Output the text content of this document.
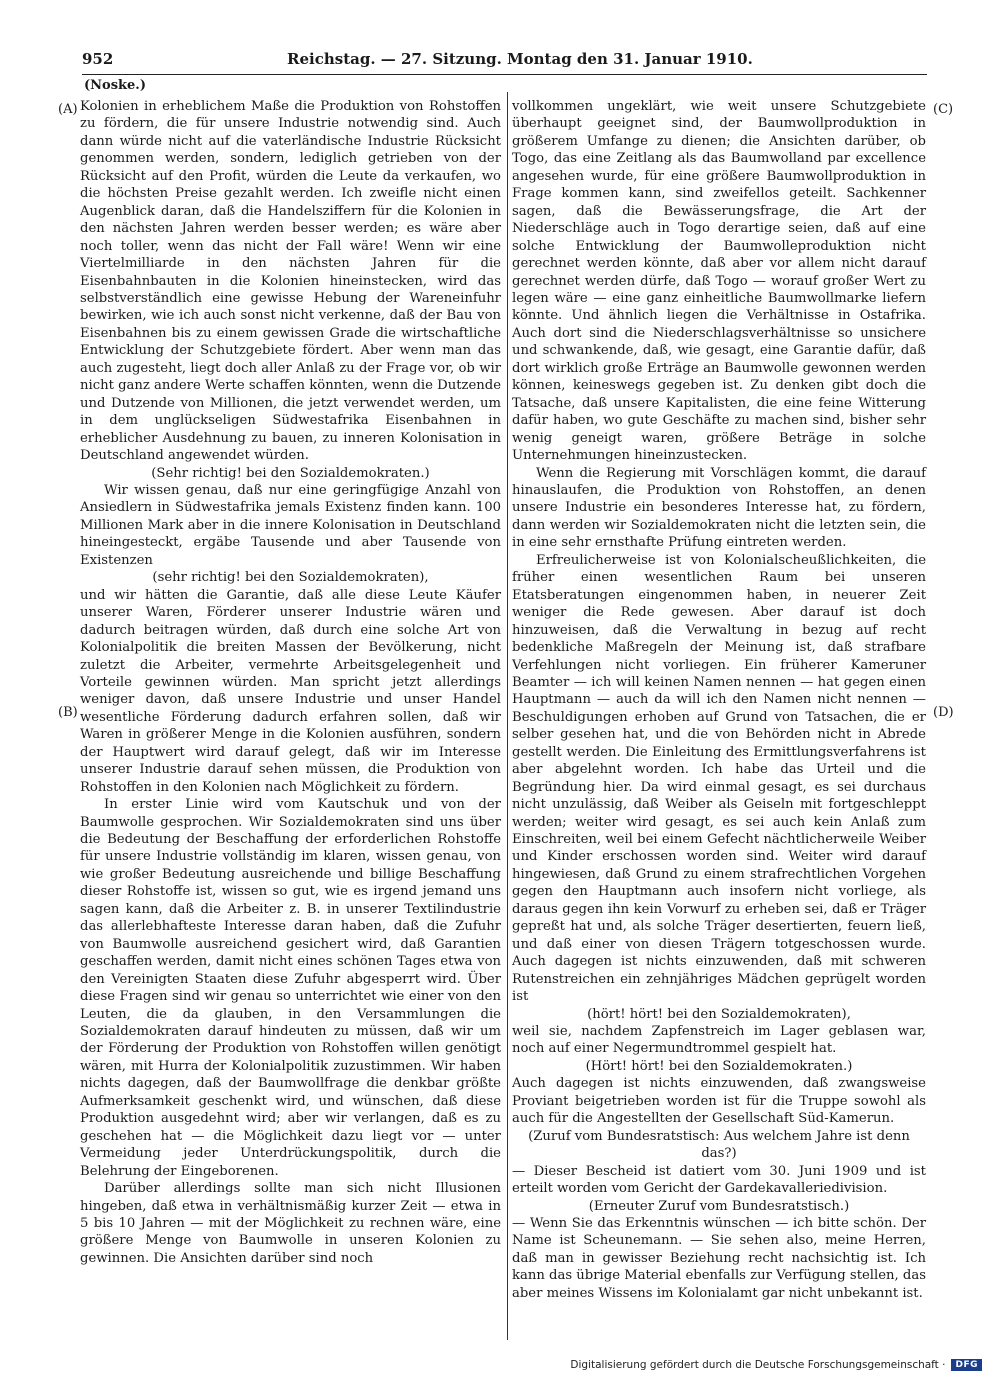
952	Reichstag. — 27. Sitzung. Montag den 31. Januar 1910.
(Noske.)
(A)
(B)
(C)
(D)

Kolonien in erheblichem Maße die Produktion von Rohstoffen zu fördern, die für unsere Industrie notwendig sind. Auch dann würde nicht auf die vaterländische Industrie Rücksicht genommen werden, sondern, lediglich getrieben von der Rücksicht auf den Profit, würden die Leute da verkaufen, wo die höchsten Preise gezahlt werden. Ich zweifle nicht einen Augenblick daran, daß die Handelsziffern für die Kolonien in den nächsten Jahren werden besser werden; es wäre aber noch toller, wenn das nicht der Fall wäre! Wenn wir eine Viertelmilliarde in den nächsten Jahren für die Eisenbahnbauten in die Kolonien hineinstecken, wird das selbstverständlich eine gewisse Hebung der Wareneinfuhr bewirken, wie ich auch sonst nicht verkenne, daß der Bau von Eisenbahnen bis zu einem gewissen Grade die wirtschaftliche Entwicklung der Schutzgebiete fördert. Aber wenn man das auch zugesteht, liegt doch aller Anlaß zu der Frage vor, ob wir nicht ganz andere Werte schaffen könnten, wenn die Dutzende und Dutzende von Millionen, die jetzt verwendet werden, um in dem unglückseligen Südwestafrika Eisenbahnen in erheblicher Ausdehnung zu bauen, zu inneren Kolonisation in Deutschland angewendet würden.

(Sehr richtig! bei den Sozialdemokraten.)

Wir wissen genau, daß nur eine geringfügige Anzahl von Ansiedlern in Südwestafrika jemals Existenz finden kann. 100 Millionen Mark aber in die innere Kolonisation in Deutschland hineingesteckt, ergäbe Tausende und aber Tausende von Existenzen

(sehr richtig! bei den Sozialdemokraten),

und wir hätten die Garantie, daß alle diese Leute Käufer unserer Waren, Förderer unserer Industrie wären und dadurch beitragen würden, daß durch eine solche Art von Kolonialpolitik die breiten Massen der Bevölkerung, nicht zuletzt die Arbeiter, vermehrte Arbeitsgelegenheit und Vorteile gewinnen würden. Man spricht jetzt allerdings weniger davon, daß unsere Industrie und unser Handel wesentliche Förderung dadurch erfahren sollen, daß wir Waren in größerer Menge in die Kolonien ausführen, sondern der Hauptwert wird darauf gelegt, daß wir im Interesse unserer Industrie darauf sehen müssen, die Produktion von Rohstoffen in den Kolonien nach Möglichkeit zu fördern.

In erster Linie wird vom Kautschuk und von der Baumwolle gesprochen. Wir Sozialdemokraten sind uns über die Bedeutung der Beschaffung der erforderlichen Rohstoffe für unsere Industrie vollständig im klaren, wissen genau, von wie großer Bedeutung ausreichende und billige Beschaffung dieser Rohstoffe ist, wissen so gut, wie es irgend jemand uns sagen kann, daß die Arbeiter z. B. in unserer Textilindustrie das allerlebhafteste Interesse daran haben, daß die Zufuhr von Baumwolle ausreichend gesichert wird, daß Garantien geschaffen werden, damit nicht eines schönen Tages etwa von den Vereinigten Staaten diese Zufuhr abgesperrt wird. Über diese Fragen sind wir genau so unterrichtet wie einer von den Leuten, die da glauben, in den Versammlungen die Sozialdemokraten darauf hindeuten zu müssen, daß wir um der Förderung der Produktion von Rohstoffen willen genötigt wären, mit Hurra der Kolonialpolitik zuzustimmen. Wir haben nichts dagegen, daß der Baumwollfrage die denkbar größte Aufmerksamkeit geschenkt wird, und wünschen, daß diese Produktion ausgedehnt wird; aber wir verlangen, daß es zu geschehen hat — die Möglichkeit dazu liegt vor — unter Vermeidung jeder Unterdrückungspolitik, durch die Belehrung der Eingeborenen.

Darüber allerdings sollte man sich nicht Illusionen hingeben, daß etwa in verhältnismäßig kurzer Zeit — etwa in 5 bis 10 Jahren — mit der Möglichkeit zu rechnen wäre, eine größere Menge von Baumwolle in unseren Kolonien zu gewinnen. Die Ansichten darüber sind noch

vollkommen ungeklärt, wie weit unsere Schutzgebiete überhaupt geeignet sind, der Baumwollproduktion in größerem Umfange zu dienen; die Ansichten darüber, ob Togo, das eine Zeitlang als das Baumwolland par excellence angesehen wurde, für eine größere Baumwollproduktion in Frage kommen kann, sind zweifellos geteilt. Sachkenner sagen, daß die Bewässerungsfrage, die Art der Niederschläge auch in Togo derartige seien, daß auf eine solche Entwicklung der Baumwolleproduktion nicht gerechnet werden könnte, daß aber vor allem nicht darauf gerechnet werden dürfe, daß Togo — worauf großer Wert zu legen wäre — eine ganz einheitliche Baumwollmarke liefern könnte. Und ähnlich liegen die Verhältnisse in Ostafrika. Auch dort sind die Niederschlagsverhältnisse so unsichere und schwankende, daß, wie gesagt, eine Garantie dafür, daß dort wirklich große Erträge an Baumwolle gewonnen werden können, keineswegs gegeben ist. Zu denken gibt doch die Tatsache, daß unsere Kapitalisten, die eine feine Witterung dafür haben, wo gute Geschäfte zu machen sind, bisher sehr wenig geneigt waren, größere Beträge in solche Unternehmungen hineinzustecken.

Wenn die Regierung mit Vorschlägen kommt, die darauf hinauslaufen, die Produktion von Rohstoffen, an denen unsere Industrie ein besonderes Interesse hat, zu fördern, dann werden wir Sozialdemokraten nicht die letzten sein, die in eine sehr ernsthafte Prüfung eintreten werden.

Erfreulicherweise ist von Kolonialscheußlichkeiten, die früher einen wesentlichen Raum bei unseren Etatsberatungen eingenommen haben, in neuerer Zeit weniger die Rede gewesen. Aber darauf ist doch hinzuweisen, daß die Verwaltung in bezug auf recht bedenkliche Maßregeln der Meinung ist, daß strafbare Verfehlungen nicht vorliegen. Ein früherer Kameruner Beamter — ich will keinen Namen nennen — hat gegen einen Hauptmann — auch da will ich den Namen nicht nennen — Beschuldigungen erhoben auf Grund von Tatsachen, die er selber gesehen hat, und die von Behörden nicht in Abrede gestellt werden. Die Einleitung des Ermittlungsverfahrens ist aber abgelehnt worden. Ich habe das Urteil und die Begründung hier. Da wird einmal gesagt, es sei durchaus nicht unzulässig, daß Weiber als Geiseln mit fortgeschleppt werden; weiter wird gesagt, es sei auch kein Anlaß zum Einschreiten, weil bei einem Gefecht nächtlicherweile Weiber und Kinder erschossen worden sind. Weiter wird darauf hingewiesen, daß Grund zu einem strafrechtlichen Vorgehen gegen den Hauptmann auch insofern nicht vorliege, als daraus gegen ihn kein Vorwurf zu erheben sei, daß er Träger gepreßt hat und, als solche Träger desertierten, feuern ließ, und daß einer von diesen Trägern totgeschossen wurde. Auch dagegen ist nichts einzuwenden, daß mit schweren Rutenstreichen ein zehnjähriges Mädchen geprügelt worden ist

(hört! hört! bei den Sozialdemokraten),

weil sie, nachdem Zapfenstreich im Lager geblasen war, noch auf einer Negermundtrommel gespielt hat.

(Hört! hört! bei den Sozialdemokraten.)

Auch dagegen ist nichts einzuwenden, daß zwangsweise Proviant beigetrieben worden ist für die Truppe sowohl als auch für die Angestellten der Gesellschaft Süd-Kamerun.

(Zuruf vom Bundesratstisch: Aus welchem Jahre ist denn das?)

— Dieser Bescheid ist datiert vom 30. Juni 1909 und ist erteilt worden vom Gericht der Gardekavalleriedivision.

(Erneuter Zuruf vom Bundesratstisch.)

— Wenn Sie das Erkenntnis wünschen — ich bitte schön. Der Name ist Scheunemann. — Sie sehen also, meine Herren, daß man in gewisser Beziehung recht nachsichtig ist. Ich kann das übrige Material ebenfalls zur Verfügung stellen, das aber meines Wissens im Kolonialamt gar nicht unbekannt ist.

Digitalisierung gefördert durch die Deutsche Forschungsgemeinschaft ·	DFG
